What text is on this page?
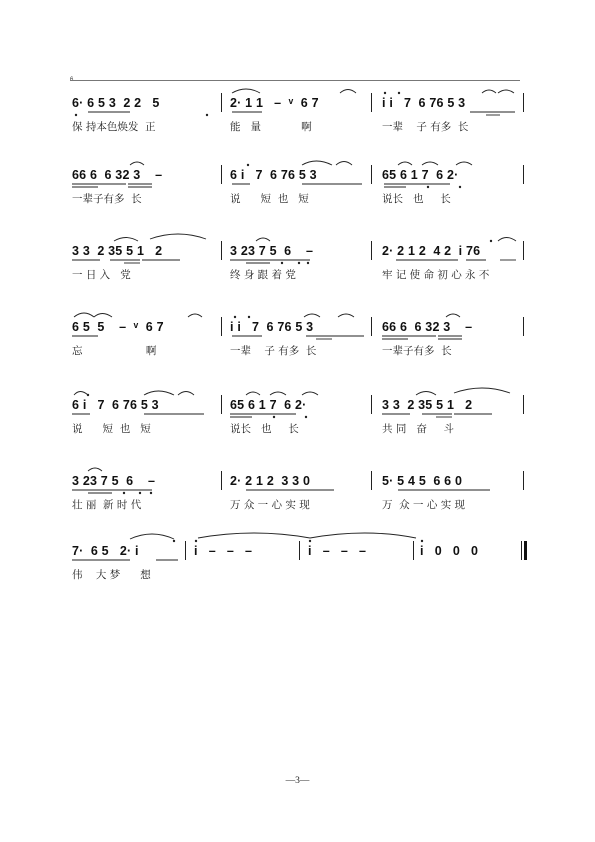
6.
6· 6 5 3  2 2   5	2· 1 1   –  ᵛ  6 7	i i   7  6 76 5 3
保 持本色焕发  正	能   量            啊	一辈    子 有多  长
66 6  6 32 3    –	6 i   7  6 76 5 3	65 6 1 7  6 2·
一辈子有多  长	说      短  也   短	说长   也     长
3 3  2 35 5 1   2	3 23 7 5  6    –	2· 2 1 2  4 2  i 76
一 日 入   党	终 身 跟 着 党	牢 记 使 命 初 心 永 不
6 5  5    –  ᵛ  6 7	i i   7  6 76 5 3	66 6  6 32 3    –
忘                   啊	一辈    子 有多  长	一辈子有多  长
6 i   7  6 76 5 3	65 6 1 7  6 2·	3 3  2 35 5 1   2
说      短  也   短	说长   也     长	共 同   奋     斗
3 23 7 5  6    –	2· 2 1 2  3 3 0	5· 5 4 5  6 6 0
壮 丽  新 时 代	万 众 一 心 实 现	万  众 一 心 实 现
7·  6 5   2· i	i   –   –   –	i   –   –   –	i   0   0   0
伟    大 梦      想
—3—
